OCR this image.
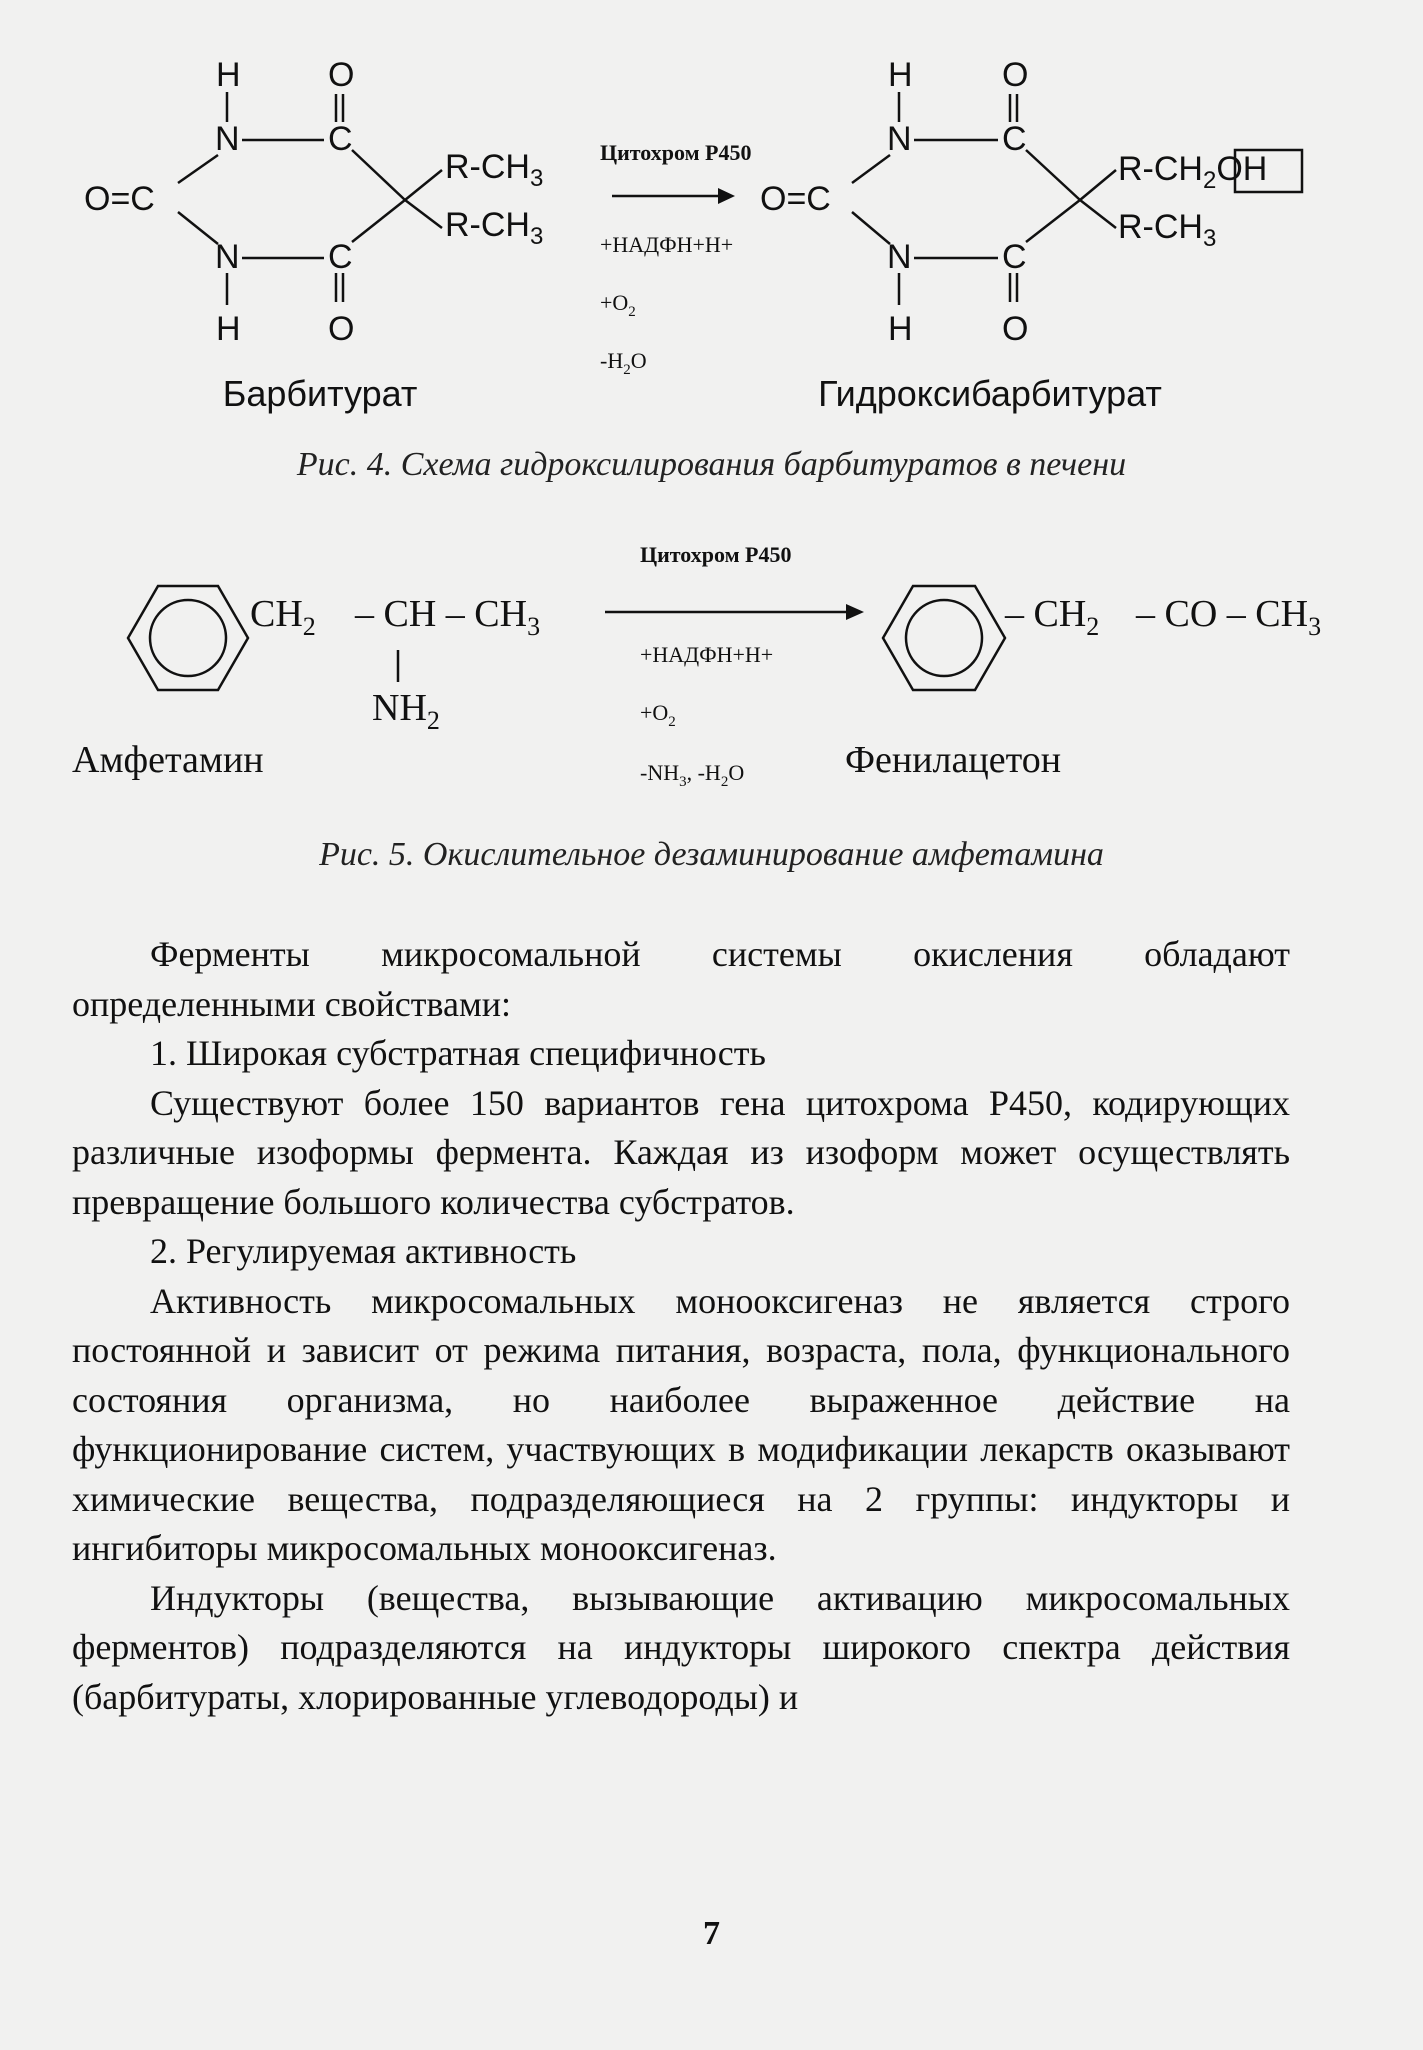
H	O
N	C
O=C
N	C
H	O
$R-CH_3$
$R-CH_3$
Барбитурат
Цитохром P450
+НАДФН+Н+
$+O_2$
$-H_2O$
H	O
N	C
O=C
N	C
H	O
$R-CH_2OH$
$R-CH_3$
Гидроксибарбитурат
Рис. 4. Схема гидроксилирования барбитуратов в печени
$CH_2$ – CH – $CH_3$
$NH_2$
Амфетамин
Цитохром P450
+НАДФН+Н+
$+O_2$
$-NH_3$, $-H_2O$
– $CH_2$ – CO – $CH_3$
Фенилацетон
Рис. 5. Окислительное дезаминирование амфетамина

Ферменты микросомальной системы окисления обладают определенными свойствами:

1. Широкая субстратная специфичность

Существуют более 150 вариантов гена цитохрома P450, кодирующих различные изоформы фермента. Каждая из изоформ может осуществлять превращение большого количества субстратов.

2. Регулируемая активность

Активность микросомальных монооксигеназ не является строго постоянной и зависит от режима питания, возраста, пола, функционального состояния организма, но наиболее выраженное действие на функционирование систем, участвующих в модификации лекарств оказывают химические вещества, подразделяющиеся на 2 группы: индукторы и ингибиторы микросомальных монооксигеназ.

Индукторы (вещества, вызывающие активацию микросомальных ферментов) подразделяются на индукторы широкого спектра действия (барбитураты, хлорированные углеводороды) и

7
